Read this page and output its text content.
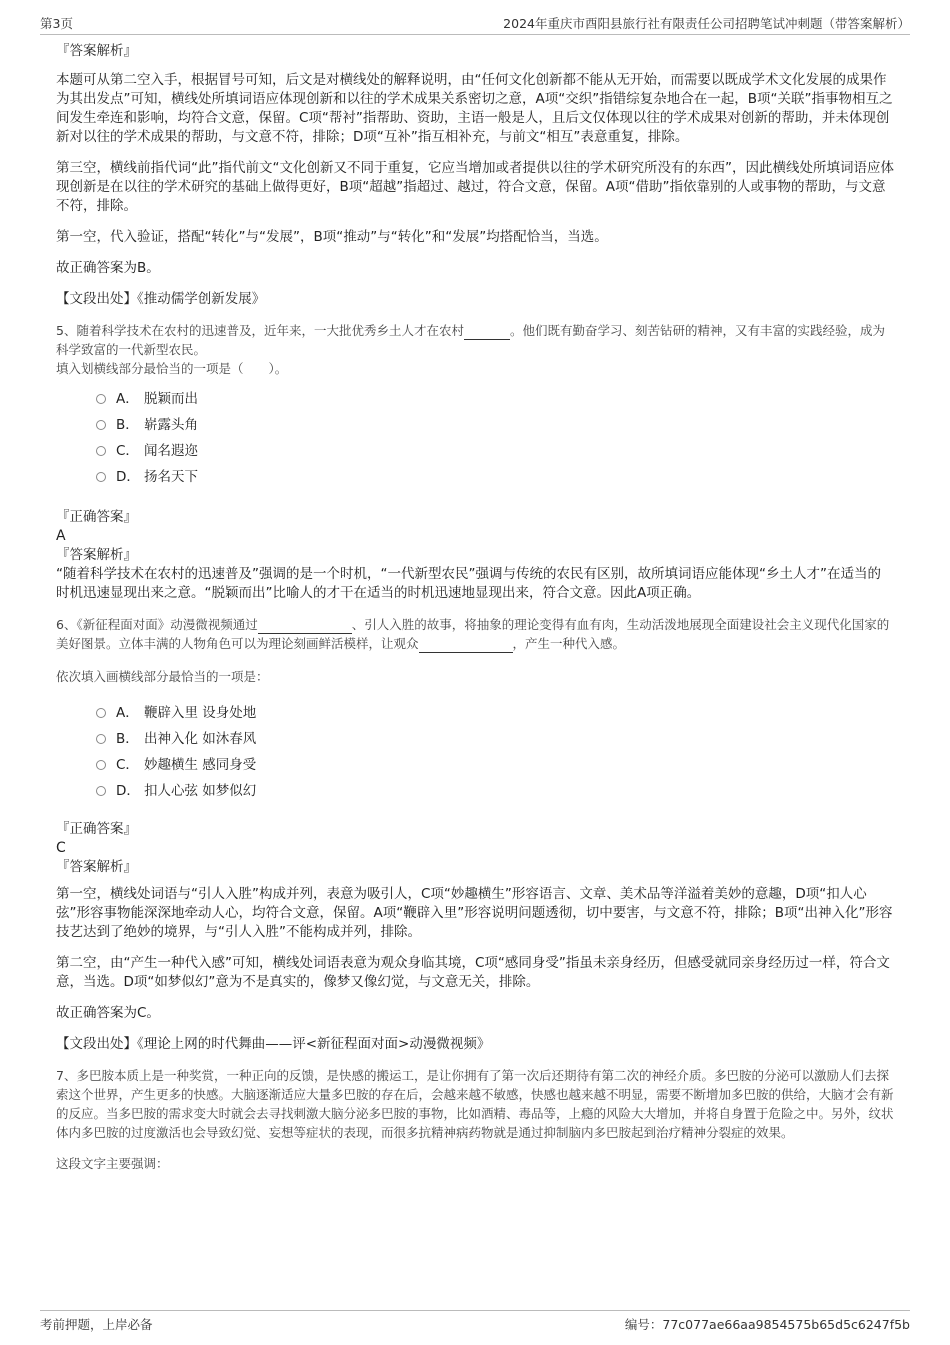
第3页	2024年重庆市酉阳县旅行社有限责任公司招聘笔试冲刺题（带答案解析）

『答案解析』

本题可从第二空入手，根据冒号可知，后文是对横线处的解释说明，由“任何文化创新都不能从无开始，而需要以既成学术文化发展的成果作为其出发点”可知，横线处所填词语应体现创新和以往的学术成果关系密切之意，A项“交织”指错综复杂地合在一起，B项“关联”指事物相互之间发生牵连和影响，均符合文意，保留。C项“帮衬”指帮助、资助，主语一般是人，且后文仅体现以往的学术成果对创新的帮助，并未体现创新对以往的学术成果的帮助，与文意不符，排除；D项“互补”指互相补充，与前文“相互”表意重复，排除。

第三空，横线前指代词“此”指代前文“文化创新又不同于重复，它应当增加或者提供以往的学术研究所没有的东西”，因此横线处所填词语应体现创新是在以往的学术研究的基础上做得更好，B项“超越”指超过、越过，符合文意，保留。A项“借助”指依靠别的人或事物的帮助，与文意不符，排除。

第一空，代入验证，搭配“转化”与“发展”，B项“推动”与“转化”和“发展”均搭配恰当，当选。

故正确答案为B。

【文段出处】《推动儒学创新发展》

5、随着科学技术在农村的迅速普及，近年来，一大批优秀乡土人才在农村	。他们既有勤奋学习、刻苦钻研的精神，又有丰富的实践经验，成为科学致富的一代新型农民。

填入划横线部分最恰当的一项是（　　）。

A． 脱颖而出
B． 崭露头角
C． 闻名遐迩
D． 扬名天下

『正确答案』

A

『答案解析』

“随着科学技术在农村的迅速普及”强调的是一个时机，“一代新型农民”强调与传统的农民有区别，故所填词语应能体现“乡土人才”在适当的时机迅速显现出来之意。“脱颖而出”比喻人的才干在适当的时机迅速地显现出来，符合文意。因此A项正确。

6、《新征程面对面》动漫微视频通过	、引人入胜的故事，将抽象的理论变得有血有肉，生动活泼地展现全面建设社会主义现代化国家的美好图景。立体丰满的人物角色可以为理论刻画鲜活模样，让观众	，产生一种代入感。

依次填入画横线部分最恰当的一项是：

A． 鞭辟入里 设身处地
B． 出神入化 如沐春风
C． 妙趣横生 感同身受
D． 扣人心弦 如梦似幻

『正确答案』

C

『答案解析』

第一空，横线处词语与“引人入胜”构成并列，表意为吸引人，C项“妙趣横生”形容语言、文章、美术品等洋溢着美妙的意趣，D项“扣人心弦”形容事物能深深地牵动人心，均符合文意，保留。A项“鞭辟入里”形容说明问题透彻，切中要害，与文意不符，排除；B项“出神入化”形容技艺达到了绝妙的境界，与“引人入胜”不能构成并列，排除。

第二空，由“产生一种代入感”可知，横线处词语表意为观众身临其境，C项“感同身受”指虽未亲身经历，但感受就同亲身经历过一样，符合文意，当选。D项“如梦似幻”意为不是真实的，像梦又像幻觉，与文意无关，排除。

故正确答案为C。

【文段出处】《理论上网的时代舞曲——评<新征程面对面>动漫微视频》

7、多巴胺本质上是一种奖赏，一种正向的反馈，是快感的搬运工，是让你拥有了第一次后还期待有第二次的神经介质。多巴胺的分泌可以激励人们去探索这个世界，产生更多的快感。大脑逐渐适应大量多巴胺的存在后，会越来越不敏感，快感也越来越不明显，需要不断增加多巴胺的供给，大脑才会有新的反应。当多巴胺的需求变大时就会去寻找刺激大脑分泌多巴胺的事物，比如酒精、毒品等，上瘾的风险大大增加，并将自身置于危险之中。另外，纹状体内多巴胺的过度激活也会导致幻觉、妄想等症状的表现，而很多抗精神病药物就是通过抑制脑内多巴胺起到治疗精神分裂症的效果。

这段文字主要强调：

考前押题，上岸必备	编号：77c077ae66aa9854575b65d5c6247f5b
